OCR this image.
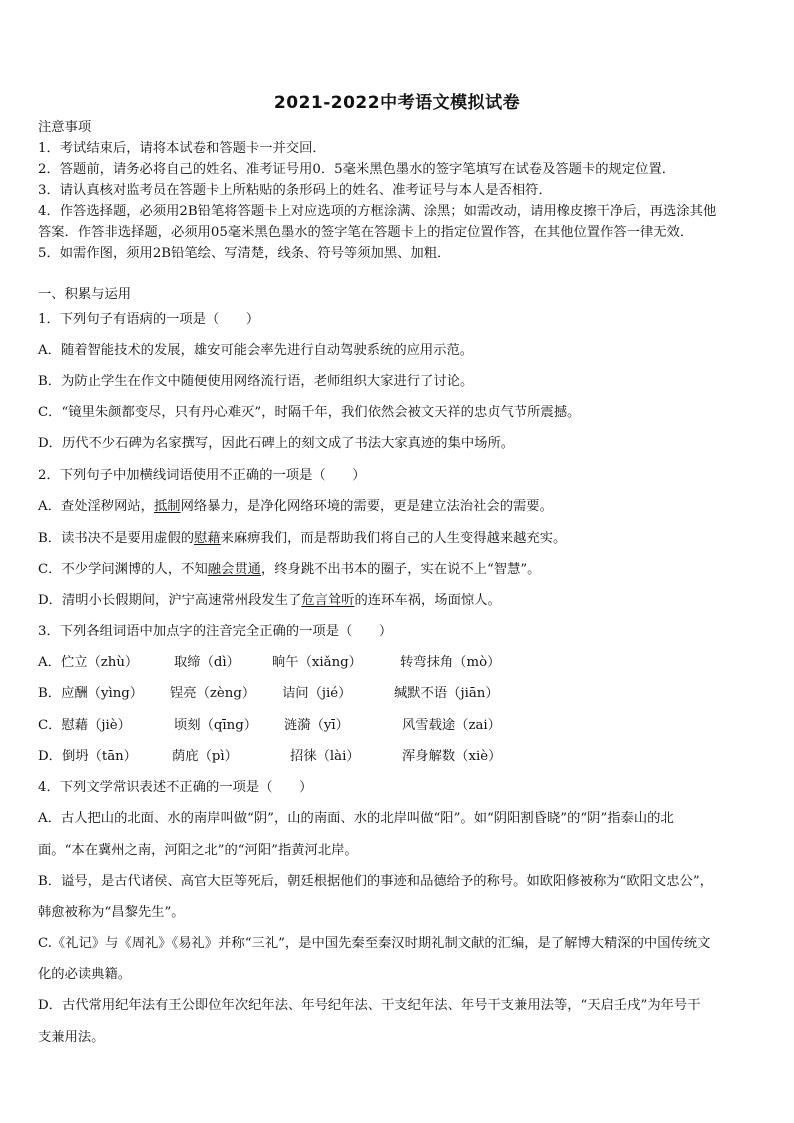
2021-2022中考语文模拟试卷
注意事项
1．考试结束后，请将本试卷和答题卡一并交回．
2．答题前，请务必将自己的姓名、准考证号用0．5毫米黑色墨水的签字笔填写在试卷及答题卡的规定位置．
3．请认真核对监考员在答题卡上所粘贴的条形码上的姓名、准考证号与本人是否相符．
4．作答选择题，必须用2B铅笔将答题卡上对应选项的方框涂满、涂黑；如需改动，请用橡皮擦干净后，再选涂其他
答案．作答非选择题，必须用05毫米黑色墨水的签字笔在答题卡上的指定位置作答，在其他位置作答一律无效．
5．如需作图，须用2B铅笔绘、写清楚，线条、符号等须加黑、加粗．
一、积累与运用
1．下列句子有语病的一项是（　　）
A．随着智能技术的发展，雄安可能会率先进行自动驾驶系统的应用示范。
B．为防止学生在作文中随便使用网络流行语，老师组织大家进行了讨论。
C．“镜里朱颜都变尽，只有丹心难灭”，时隔千年，我们依然会被文天祥的忠贞气节所震撼。
D．历代不少石碑为名家撰写，因此石碑上的刻文成了书法大家真迹的集中场所。
2．下列句子中加横线词语使用不正确的一项是（　　）
A．查处淫秽网站，抵制网络暴力，是净化网络环境的需要，更是建立法治社会的需要。
B．读书决不是要用虚假的慰藉来麻痹我们，而是帮助我们将自己的人生变得越来越充实。
C．不少学问渊博的人，不知融会贯通，终身跳不出书本的圈子，实在说不上“智慧”。
D．清明小长假期间，沪宁高速常州段发生了危言耸听的连环车祸，场面惊人。
3．下列各组词语中加点字的注音完全正确的一项是（　　）
A．伫立（zhù）	取缔（dì） 晌午（xiǎng）	转弯抹角（mò）
B．应酬（yìng） 锃亮（zèng） 诘问（jié）	缄默不语（jiān）
C．慰藉（jiè）	顷刻（qīng） 涟漪（yī）	风雪载途（zai）
D．倒坍（tān）	荫庇（pì）	招徕（lài）	浑身解数（xiè）
4．下列文学常识表述不正确的一项是（　　）
A．古人把山的北面、水的南岸叫做“阴”，山的南面、水的北岸叫做“阳”。如“阴阳割昏晓”的“阴”指泰山的北
面。“本在冀州之南，河阳之北”的“河阳”指黄河北岸。
B．谥号，是古代诸侯、高官大臣等死后，朝廷根据他们的事迹和品德给予的称号。如欧阳修被称为“欧阳文忠公”，
韩愈被称为“昌黎先生”。
C.《礼记》与《周礼》《易礼》并称“三礼”，是中国先秦至秦汉时期礼制文献的汇编，是了解博大精深的中国传统文
化的必读典籍。
D．古代常用纪年法有王公即位年次纪年法、年号纪年法、干支纪年法、年号干支兼用法等，“天启壬戌”为年号干
支兼用法。
